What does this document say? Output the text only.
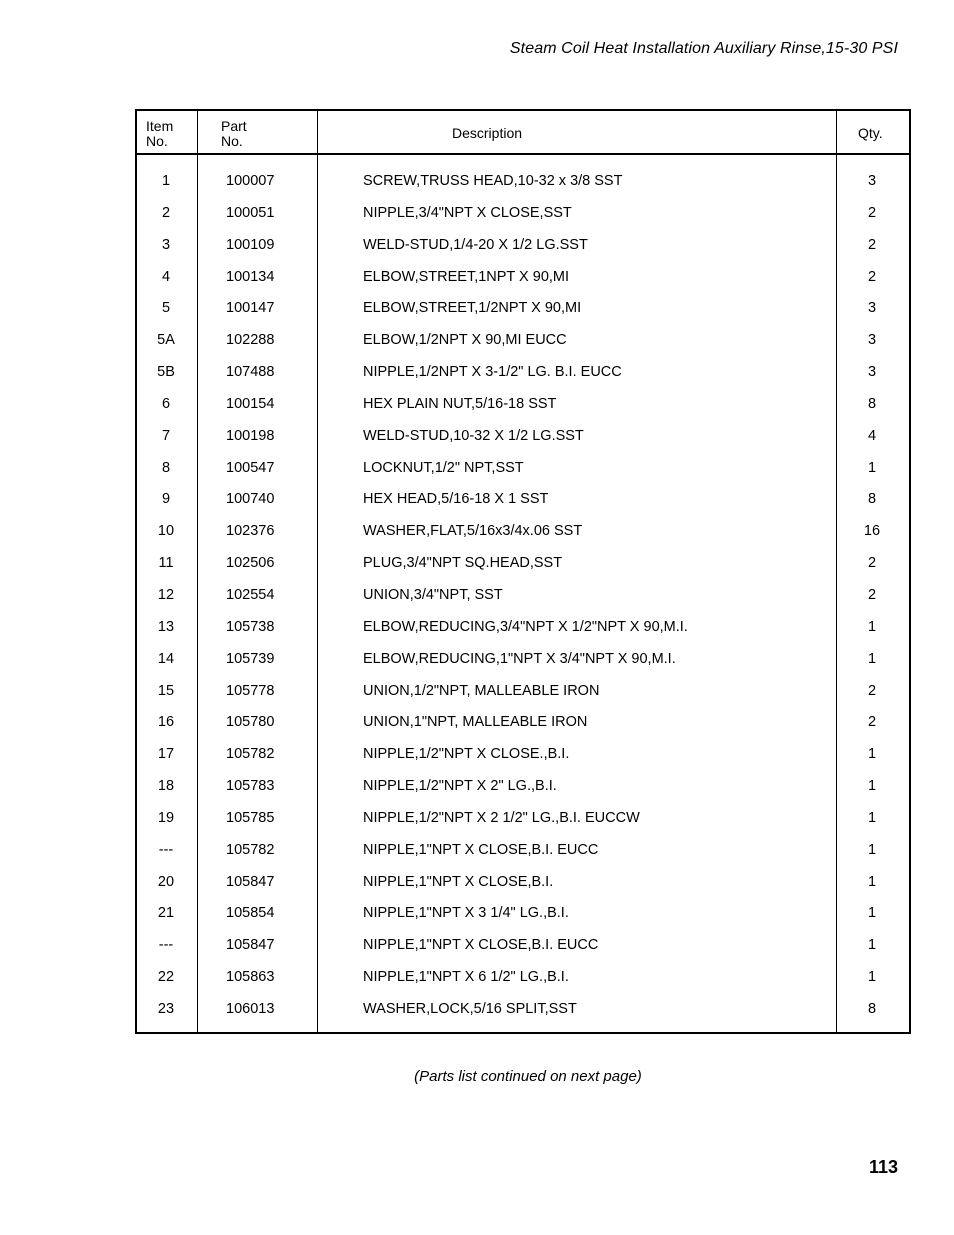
Steam Coil Heat Installation Auxiliary Rinse,15-30 PSI
Item
No.
Part
No.	Description	Qty.
1	100007	SCREW,TRUSS HEAD,10-32 x 3/8 SST	3
2	100051	NIPPLE,3/4"NPT X CLOSE,SST	2
3	100109	WELD-STUD,1/4-20 X 1/2 LG.SST	2
4	100134	ELBOW,STREET,1NPT X 90,MI	2
5	100147	ELBOW,STREET,1/2NPT X 90,MI	3
5A	102288	ELBOW,1/2NPT X 90,MI EUCC	3
5B	107488	NIPPLE,1/2NPT X 3-1/2" LG. B.I. EUCC	3
6	100154	HEX PLAIN NUT,5/16-18 SST	8
7	100198	WELD-STUD,10-32 X 1/2 LG.SST	4
8	100547	LOCKNUT,1/2" NPT,SST	1
9	100740	HEX HEAD,5/16-18 X 1 SST	8
10	102376	WASHER,FLAT,5/16x3/4x.06 SST	16
11	102506	PLUG,3/4"NPT SQ.HEAD,SST	2
12	102554	UNION,3/4"NPT, SST	2
13	105738	ELBOW,REDUCING,3/4"NPT X 1/2"NPT X 90,M.I.	1
14	105739	ELBOW,REDUCING,1"NPT X 3/4"NPT X 90,M.I.	1
15	105778	UNION,1/2"NPT, MALLEABLE IRON	2
16	105780	UNION,1"NPT, MALLEABLE IRON	2
17	105782	NIPPLE,1/2"NPT X CLOSE.,B.I.	1
18	105783	NIPPLE,1/2"NPT X 2" LG.,B.I.	1
19	105785	NIPPLE,1/2"NPT X 2 1/2" LG.,B.I. EUCCW	1
---	105782	NIPPLE,1"NPT X CLOSE,B.I. EUCC	1
20	105847	NIPPLE,1"NPT X CLOSE,B.I.	1
21	105854	NIPPLE,1"NPT X 3 1/4" LG.,B.I.	1
---	105847	NIPPLE,1"NPT X CLOSE,B.I. EUCC	1
22	105863	NIPPLE,1"NPT X 6 1/2" LG.,B.I.	1
23	106013	WASHER,LOCK,5/16 SPLIT,SST	8
(Parts list continued on next page)
113
